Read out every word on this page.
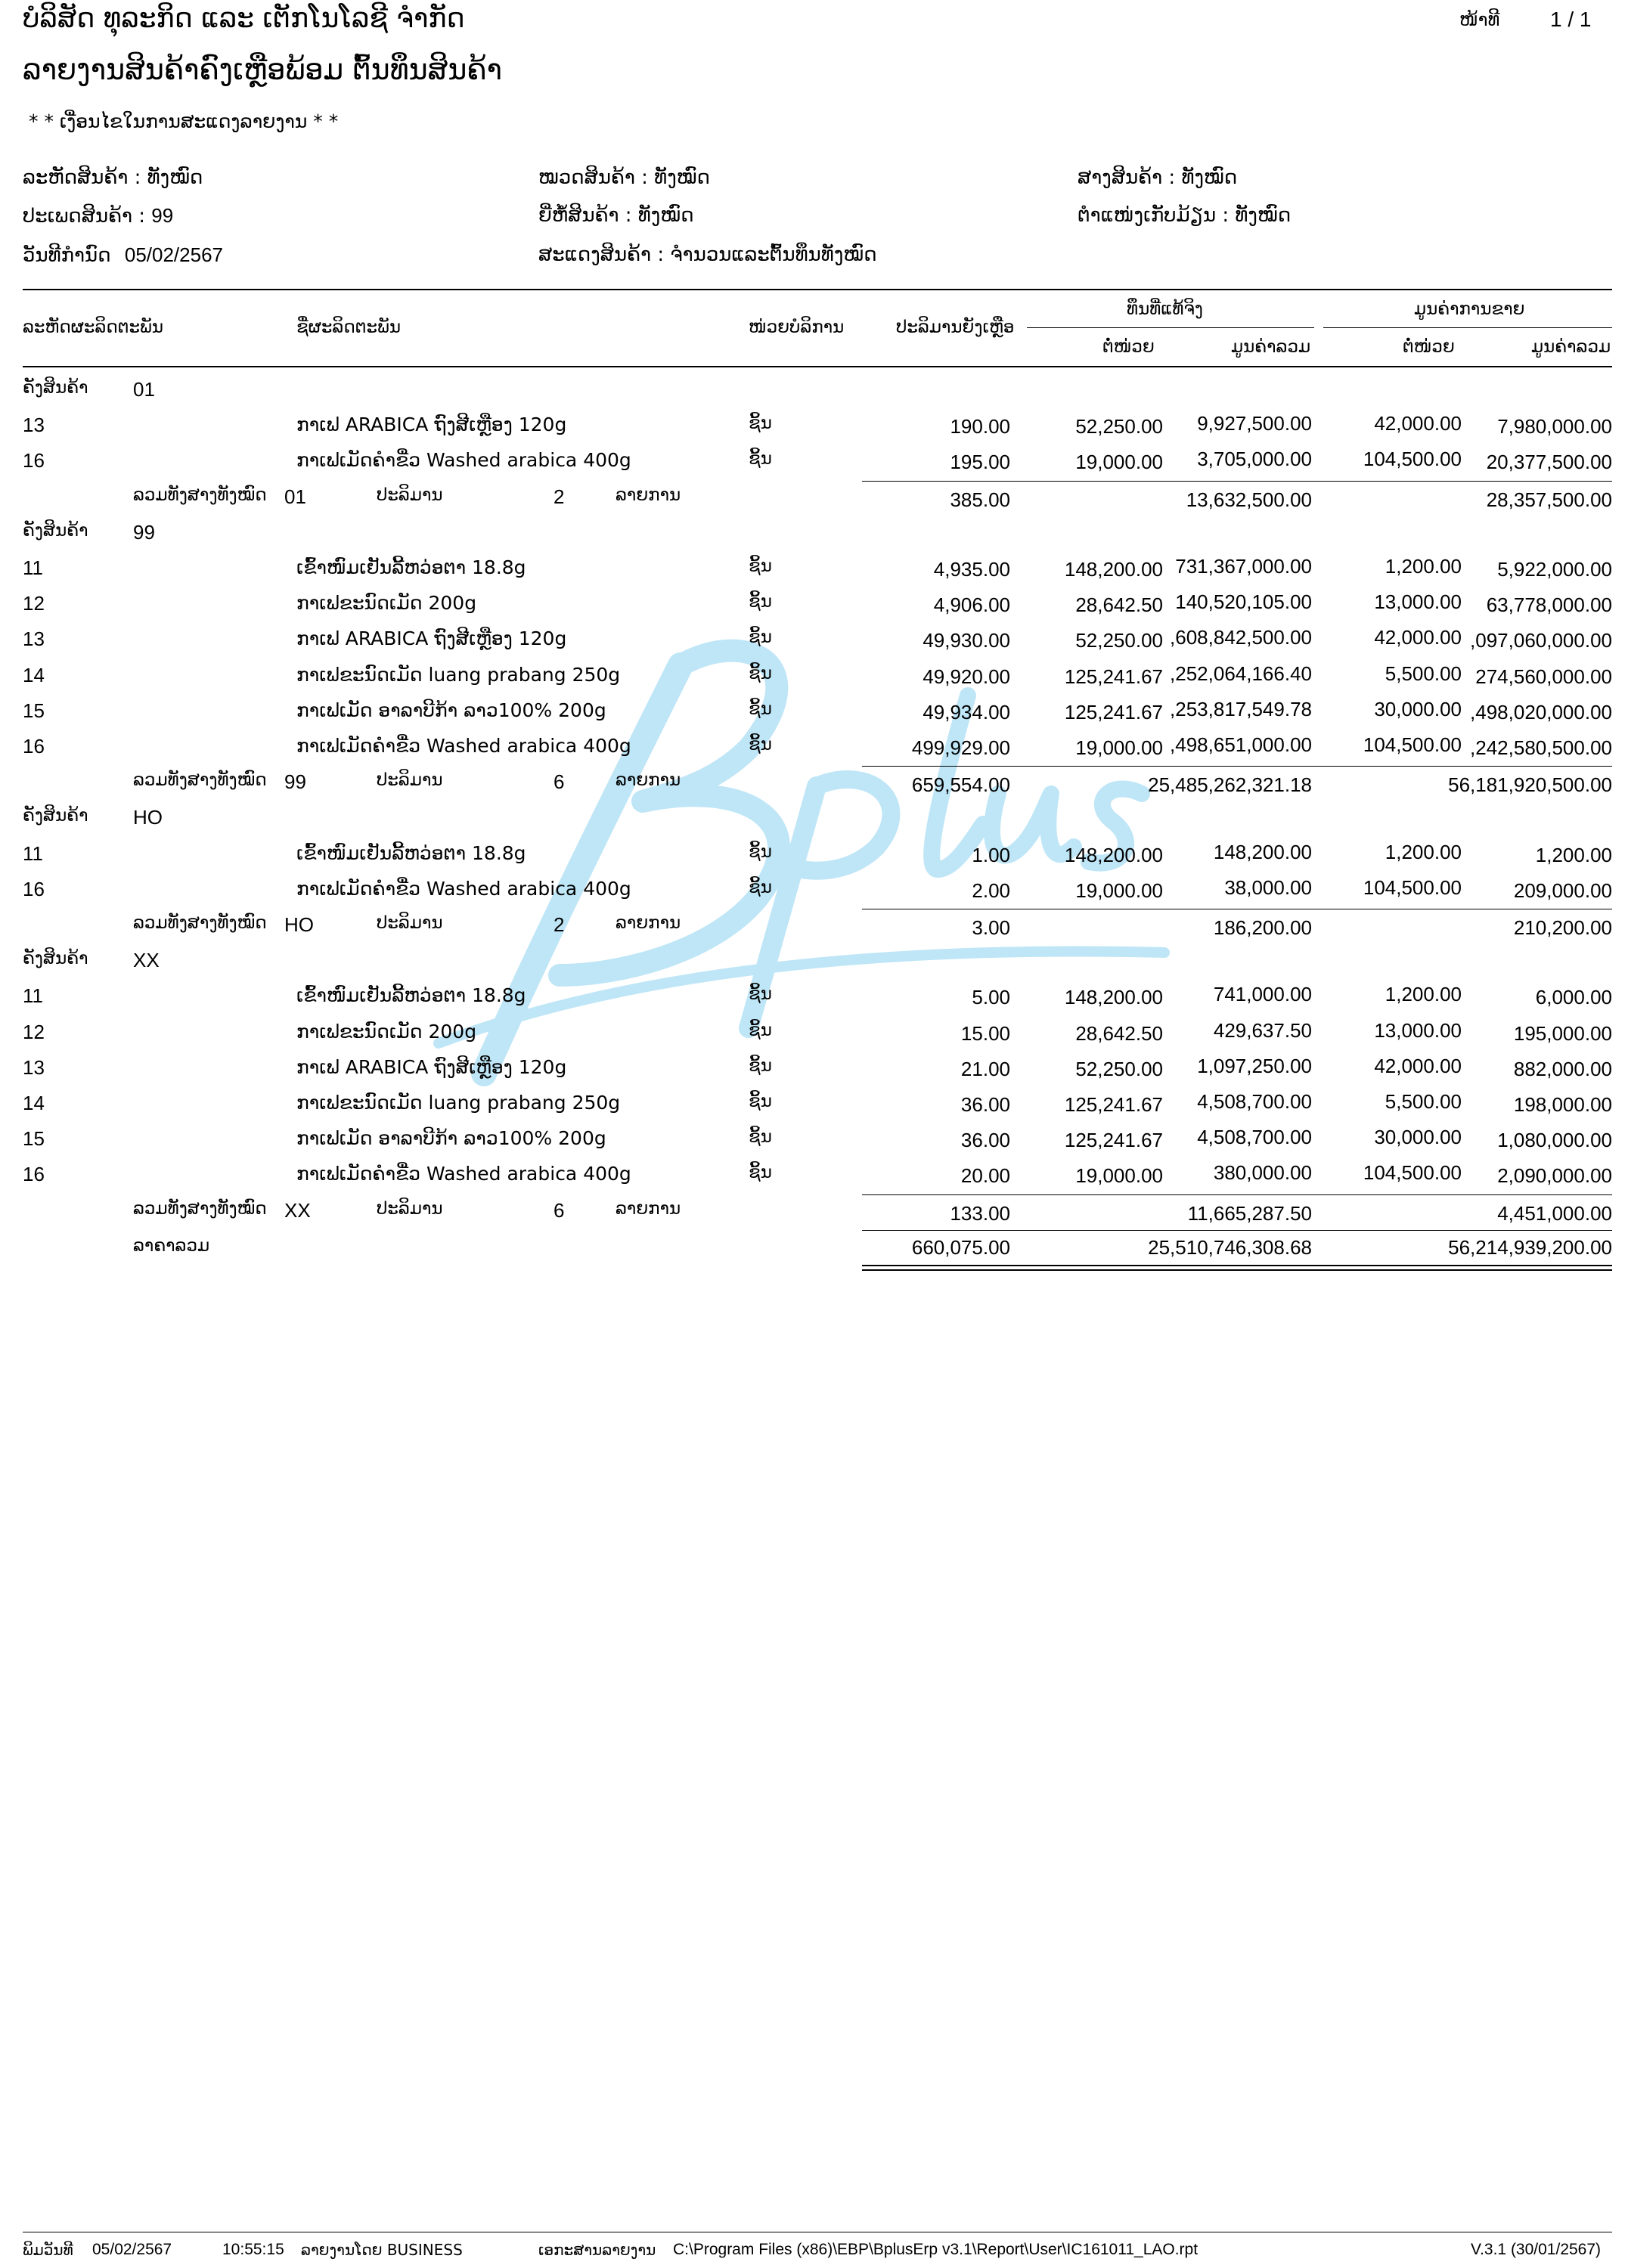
ບໍລິສັດ ທຸລະກິດ ແລະ ເຕັກໂນໂລຊີ ຈຳກັດ	ໜ້າທີ 1 / 1
ລາຍງານສິນຄ້າຄົງເຫຼືອພ້ອມ ຕົ້ນທຶນສິນຄ້າ
* * ເງື່ອນໄຂໃນການສະແດງລາຍງານ * *
ລະຫັດສິນຄ້າ : ທັງໝົດ	ໝວດສິນຄ້າ : ທັງໝົດ	ສາງສິນຄ້າ : ທັງໝົດ
ປະເພດສິນຄ້າ : 99	ຍີ່ຫໍ້ສິນຄ້າ : ທັງໝົດ	ຕຳແໜ່ງເກັບມ້ຽນ : ທັງໝົດ
ວັນທີກຳນົດ 05/02/2567	ສະແດງສິນຄ້າ : ຈຳນວນແລະຕົ້ນທຶນທັງໝົດ
ລະຫັດຜະລິດຕະພັນ	ຊື່ຜະລິດຕະພັນ	ໜ່ວຍບໍລິການ	ປະລິມານຍັງເຫຼືອ
ທຶນທີ່ແທ້ຈິງ
ຕໍ່ໜ່ວຍ	ມູນຄ່າລວມ
ມູນຄ່າການຂາຍ
ຕໍ່ໜ່ວຍ	ມູນຄ່າລວມ
ຄັງສິນຄ້າ 01
13	ກາເຟ ARABICA ຖົງສີເຫຼືອງ 120g	ຊິ້ນ	190.00	52,250.00 9,927,500.00	42,000.00 7,980,000.00
16	ກາເຟເມັດຄຳຂື່ວ Washed arabica 400g	ຊິ້ນ	195.00	19,000.00 3,705,000.00	104,500.00 20,377,500.00
ລວມທັງສາງທັງໝົດ 01	ປະລິມານ	2	ລາຍການ	385.00	13,632,500.00	28,357,500.00
ຄັງສິນຄ້າ 99
11	ເຂົ້າໜົມເຢັນລີ້ຫວ່ອຕາ 18.8g	ຊິ້ນ	4,935.00	148,200.00 731,367,000.00	1,200.00 5,922,000.00
12	ກາເຟຂະນົດເມັດ 200g	ຊິ້ນ	4,906.00	28,642.50 140,520,105.00	13,000.00 63,778,000.00
13	ກາເຟ ARABICA ຖົງສີເຫຼືອງ 120g	ຊິ້ນ	49,930.00	52,250.00 ,608,842,500.00	42,000.00 ,097,060,000.00
14	ກາເຟຂະນົດເມັດ luang prabang 250g	ຊິ້ນ	49,920.00	125,241.67 ,252,064,166.40	5,500.00 274,560,000.00
15	ກາເຟເມັດ ອາລາບີກ້າ ລາວ100% 200g	ຊິ້ນ	49,934.00	125,241.67 ,253,817,549.78	30,000.00 ,498,020,000.00
16	ກາເຟເມັດຄຳຂື່ວ Washed arabica 400g	ຊິ້ນ	499,929.00	19,000.00 ,498,651,000.00	104,500.00 ,242,580,500.00
ລວມທັງສາງທັງໝົດ 99	ປະລິມານ	6	ລາຍການ	659,554.00	25,485,262,321.18	56,181,920,500.00
ຄັງສິນຄ້າ HO
11	ເຂົ້າໜົມເຢັນລີ້ຫວ່ອຕາ 18.8g	ຊິ້ນ	1.00	148,200.00	148,200.00	1,200.00	1,200.00
16	ກາເຟເມັດຄຳຂື່ວ Washed arabica 400g	ຊິ້ນ	2.00	19,000.00	38,000.00	104,500.00	209,000.00
ລວມທັງສາງທັງໝົດ HO	ປະລິມານ	2	ລາຍການ	3.00	186,200.00	210,200.00
ຄັງສິນຄ້າ XX
11	ເຂົ້າໜົມເຢັນລີ້ຫວ່ອຕາ 18.8g	ຊິ້ນ	5.00	148,200.00	741,000.00	1,200.00	6,000.00
12	ກາເຟຂະນົດເມັດ 200g	ຊິ້ນ	15.00	28,642.50	429,637.50	13,000.00	195,000.00
13	ກາເຟ ARABICA ຖົງສີເຫຼືອງ 120g	ຊິ້ນ	21.00	52,250.00 1,097,250.00	42,000.00	882,000.00
14	ກາເຟຂະນົດເມັດ luang prabang 250g	ຊິ້ນ	36.00	125,241.67 4,508,700.00	5,500.00	198,000.00
15	ກາເຟເມັດ ອາລາບີກ້າ ລາວ100% 200g	ຊິ້ນ	36.00	125,241.67 4,508,700.00	30,000.00 1,080,000.00
16	ກາເຟເມັດຄຳຂື່ວ Washed arabica 400g	ຊິ້ນ	20.00	19,000.00	380,000.00	104,500.00 2,090,000.00
ລວມທັງສາງທັງໝົດ XX	ປະລິມານ	6	ລາຍການ	133.00	11,665,287.50	4,451,000.00
ລາຄາລວມ	660,075.00	25,510,746,308.68	56,214,939,200.00
ພິມວັນທີ 05/02/2567	10:55:15 ລາຍງານໂດຍ BUSINESS	ເອກະສານລາຍງານ C:\Program Files (x86)\EBP\BplusErp v3.1\Report\User\IC161011_LAO.rpt	V.3.1 (30/01/2567)
